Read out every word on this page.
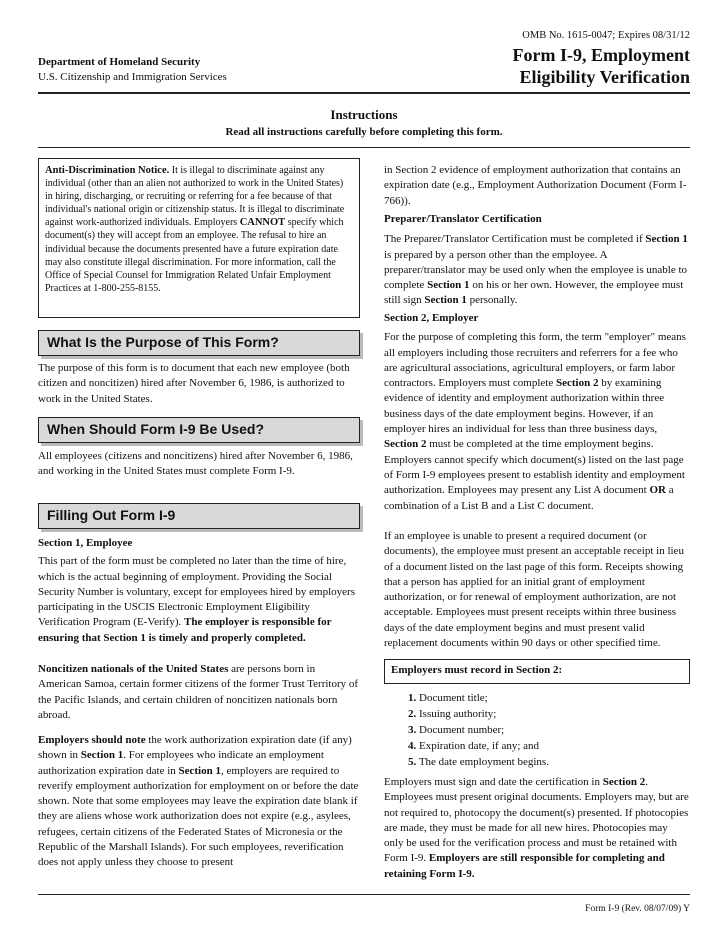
OMB No. 1615-0047; Expires 08/31/12
Form I-9, Employment
Eligibility Verification
Department of Homeland Security
U.S. Citizenship and Immigration Services
Instructions
Read all instructions carefully before completing this form.
Anti-Discrimination Notice. It is illegal to discriminate against any individual (other than an alien not authorized to work in the United States) in hiring, discharging, or recruiting or referring for a fee because of that individual's national origin or citizenship status. It is illegal to discriminate against work-authorized individuals. Employers CANNOT specify which document(s) they will accept from an employee. The refusal to hire an individual because the documents presented have a future expiration date may also constitute illegal discrimination. For more information, call the Office of Special Counsel for Immigration Related Unfair Employment Practices at 1-800-255-8155.
What Is the Purpose of This Form?
The purpose of this form is to document that each new employee (both citizen and noncitizen) hired after November 6, 1986, is authorized to work in the United States.
When Should Form I-9 Be Used?
All employees (citizens and noncitizens) hired after November 6, 1986, and working in the United States must complete Form I-9.
Filling Out Form I-9

Section 1, Employee

This part of the form must be completed no later than the time of hire, which is the actual beginning of employment. Providing the Social Security Number is voluntary, except for employees hired by employers participating in the USCIS Electronic Employment Eligibility Verification Program (E-Verify). The employer is responsible for ensuring that Section 1 is timely and properly completed.

Noncitizen nationals of the United States are persons born in American Samoa, certain former citizens of the former Trust Territory of the Pacific Islands, and certain children of noncitizen nationals born abroad.
Employers should note the work authorization expiration date (if any) shown in Section 1. For employees who indicate an employment authorization expiration date in Section 1, employers are required to reverify employment authorization for employment on or before the date shown. Note that some employees may leave the expiration date blank if they are aliens whose work authorization does not expire (e.g., asylees, refugees, certain citizens of the Federated States of Micronesia or the Republic of the Marshall Islands). For such employees, reverification does not apply unless they choose to present
in Section 2 evidence of employment authorization that contains an expiration date (e.g., Employment Authorization Document (Form I-766)).

Preparer/Translator Certification

The Preparer/Translator Certification must be completed if Section 1 is prepared by a person other than the employee. A preparer/translator may be used only when the employee is unable to complete Section 1 on his or her own. However, the employee must still sign Section 1 personally.

Section 2, Employer

For the purpose of completing this form, the term "employer" means all employers including those recruiters and referrers for a fee who are agricultural associations, agricultural employers, or farm labor contractors. Employers must complete Section 2 by examining evidence of identity and employment authorization within three business days of the date employment begins. However, if an employer hires an individual for less than three business days, Section 2 must be completed at the time employment begins. Employers cannot specify which document(s) listed on the last page of Form I-9 employees present to establish identity and employment authorization. Employees may present any List A document OR a combination of a List B and a List C document.

If an employee is unable to present a required document (or documents), the employee must present an acceptable receipt in lieu of a document listed on the last page of this form. Receipts showing that a person has applied for an initial grant of employment authorization, or for renewal of employment authorization, are not acceptable. Employees must present receipts within three business days of the date employment begins and must present valid replacement documents within 90 days or other specified time.
Employers must record in Section 2:
1. Document title;
2. Issuing authority;
3. Document number;
4. Expiration date, if any; and
5. The date employment begins.
Employers must sign and date the certification in Section 2. Employees must present original documents. Employers may, but are not required to, photocopy the document(s) presented. If photocopies are made, they must be made for all new hires. Photocopies may only be used for the verification process and must be retained with Form I-9. Employers are still responsible for completing and retaining Form I-9.
Form I-9 (Rev. 08/07/09) Y
